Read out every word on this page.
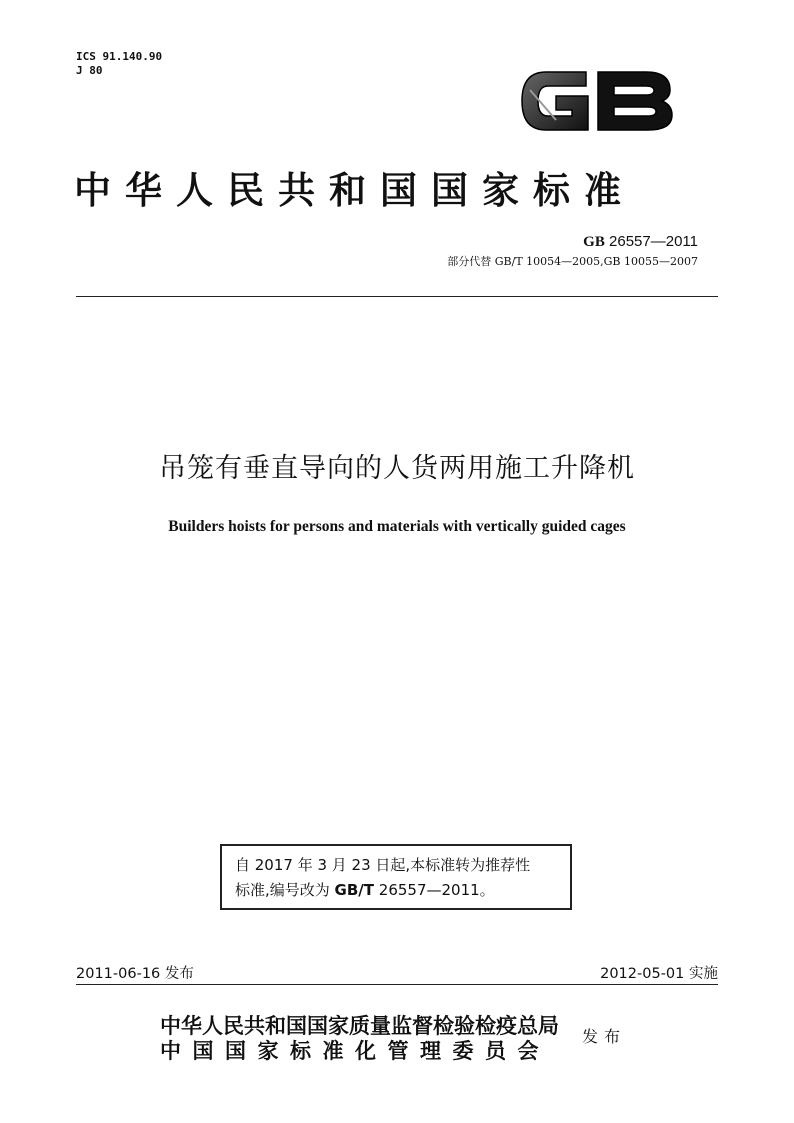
ICS 91.140.90
J 80
中华人民共和国国家标准
GB 26557—2011
部分代替 GB/T 10054—2005,GB 10055—2007
吊笼有垂直导向的人货两用施工升降机
Builders hoists for persons and materials with vertically guided cages
自 2017 年 3 月 23 日起,本标准转为推荐性
标准,编号改为 GB/T 26557—2011。
2011-06-16 发布	2012-05-01 实施
中华人民共和国国家质量监督检验检疫总局
中国国家标准化管理委员会
发布
